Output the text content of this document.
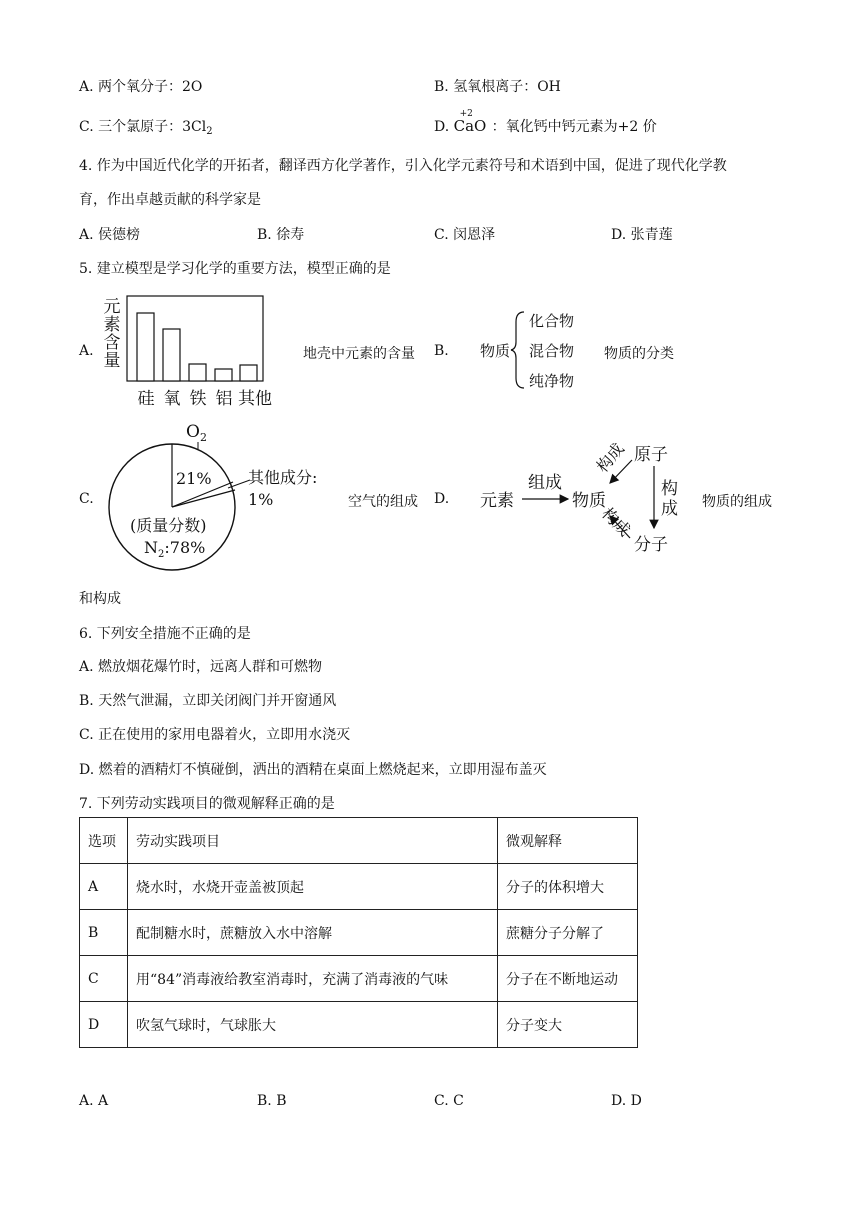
A. 两个氧分子：2O	B. 氢氧根离子：OH
C. 三个氯原子：$3Cl_2$	D.
+2
CaO ：氧化钙中钙元素为+2 价
4. 作为中国近代化学的开拓者，翻译西方化学著作，引入化学元素符号和术语到中国，促进了现代化学教
育，作出卓越贡献的科学家是
A. 侯德榜	B. 徐寿	C. 闵恩泽	D. 张青莲
5. 建立模型是学习化学的重要方法，模型正确的是
A.
元
素
含
量
硅 氧 铁 铝 其他
地壳中元素的含量 B. 物质
化合物
混合物
纯净物
物质的分类
C.
$O_2$
21% 其他成分:
1%
(质量分数)
$N_2:78\%$
空气的组成 D. 元素
组成
物质
原子
分子
构成
构
成
构成
物质的组成
和构成
6. 下列安全措施不正确的是
A. 燃放烟花爆竹时，远离人群和可燃物
B. 天然气泄漏，立即关闭阀门并开窗通风
C. 正在使用的家用电器着火，立即用水浇灭
D. 燃着的酒精灯不慎碰倒，洒出的酒精在桌面上燃烧起来，立即用湿布盖灭
7. 下列劳动实践项目的微观解释正确的是
选项	劳动实践项目	微观解释
A	烧水时，水烧开壶盖被顶起	分子的体积增大
B	配制糖水时，蔗糖放入水中溶解	蔗糖分子分解了
C	用“84”消毒液给教室消毒时，充满了消毒液的气味	分子在不断地运动
D	吹氢气球时，气球胀大	分子变大
A. A	B. B	C. C	D. D
